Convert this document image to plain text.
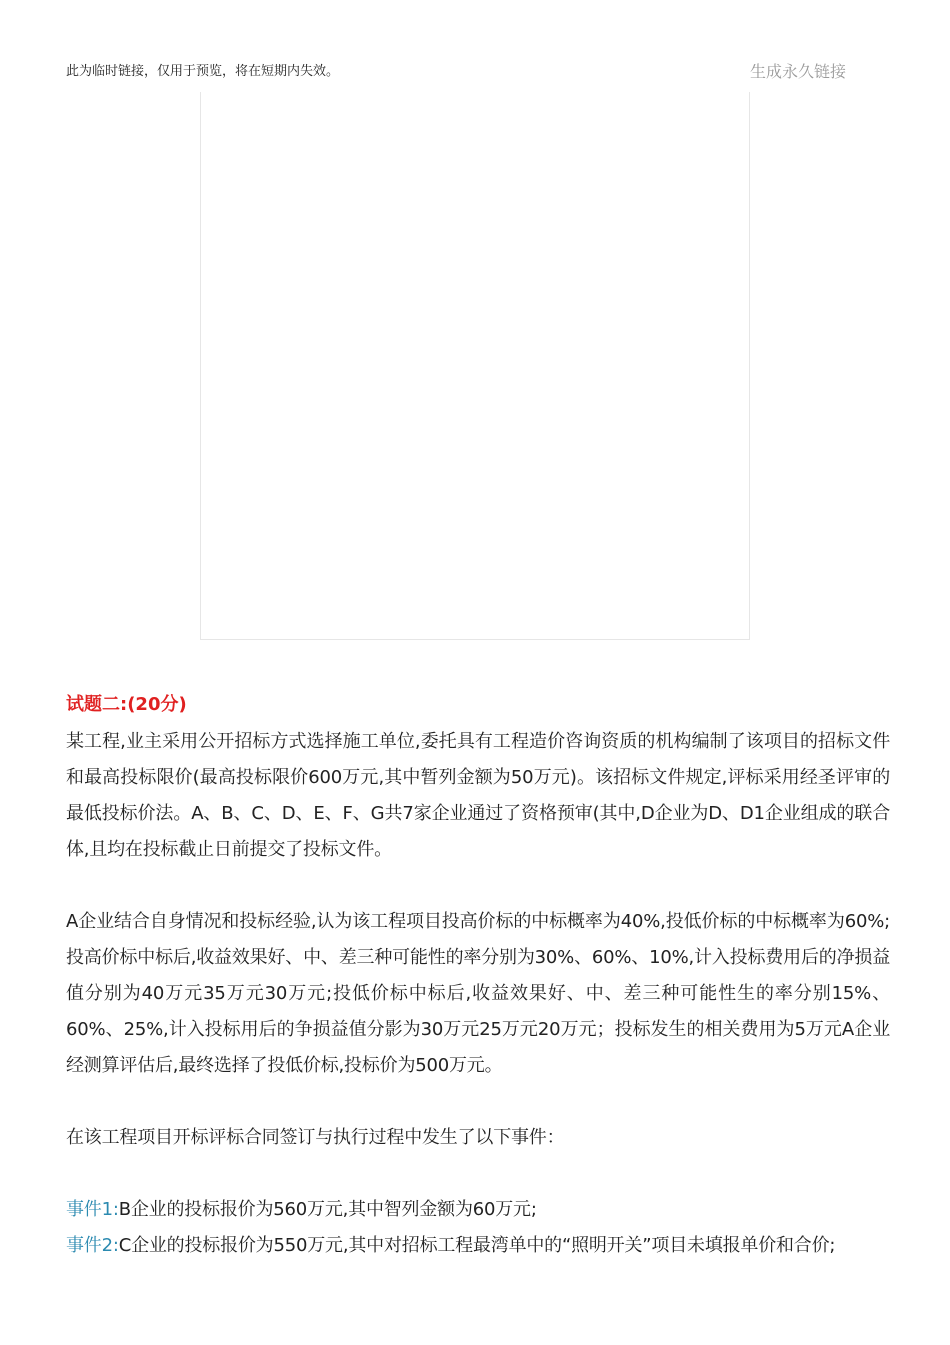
此为临时链接，仅用于预览，将在短期内失效。	生成永久链接
试题二:(20分)

某工程,业主采用公开招标方式选择施工单位,委托具有工程造价咨询资质的机构编制了该项目的招标文件和最高投标限价(最高投标限价600万元,其中暂列金额为50万元)。该招标文件规定,评标采用经圣评审的最低投标价法。A、B、C、D、E、F、G共7家企业通过了资格预审(其中,D企业为D、D1企业组成的联合体,且均在投标截止日前提交了投标文件。

A企业结合自身情况和投标经验,认为该工程项目投高价标的中标概率为40%,投低价标的中标概率为60%;投高价标中标后,收益效果好、中、差三种可能性的率分别为30%、60%、10%,计入投标费用后的净损益值分别为40万元35万元30万元;投低价标中标后,收益效果好、中、差三种可能性生的率分别15%、60%、25%,计入投标用后的争损益值分影为30万元25万元20万元；投标发生的相关费用为5万元A企业经测算评估后,最终选择了投低价标,投标价为500万元。

在该工程项目开标评标合同签订与执行过程中发生了以下事件：

事件1:B企业的投标报价为560万元,其中智列金额为60万元;

事件2:C企业的投标报价为550万元,其中对招标工程最湾单中的“照明开关”项目未填报单价和合价;
